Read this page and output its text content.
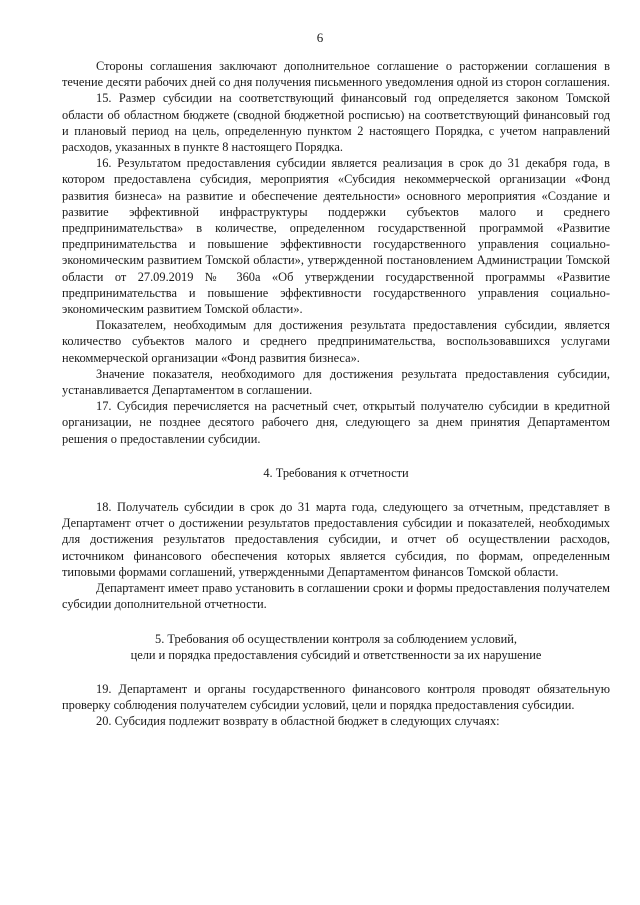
6

Стороны соглашения заключают дополнительное соглашение о расторжении соглашения в течение десяти рабочих дней со дня получения письменного уведомления одной из сторон соглашения.

15. Размер субсидии на соответствующий финансовый год определяется законом Томской области об областном бюджете (сводной бюджетной росписью) на соответствующий финансовый год и плановый период на цель, определенную пунктом 2 настоящего Порядка, с учетом направлений расходов, указанных в пункте 8 настоящего Порядка.

16. Результатом предоставления субсидии является реализация в срок до 31 декабря года, в котором предоставлена субсидия, мероприятия «Субсидия некоммерческой организации «Фонд развития бизнеса» на развитие и обеспечение деятельности» основного мероприятия «Создание и развитие эффективной инфраструктуры поддержки субъектов малого и среднего предпринимательства» в количестве, определенном государственной программой «Развитие предпринимательства и повышение эффективности государственного управления социально-экономическим развитием Томской области», утвержденной постановлением Администрации Томской области от 27.09.2019 № 360а «Об утверждении государственной программы «Развитие предпринимательства и повышение эффективности государственного управления социально-экономическим развитием Томской области».

Показателем, необходимым для достижения результата предоставления субсидии, является количество субъектов малого и среднего предпринимательства, воспользовавшихся услугами некоммерческой организации «Фонд развития бизнеса».

Значение показателя, необходимого для достижения результата предоставления субсидии, устанавливается Департаментом в соглашении.

17. Субсидия перечисляется на расчетный счет, открытый получателю субсидии в кредитной организации, не позднее десятого рабочего дня, следующего за днем принятия Департаментом решения о предоставлении субсидии.

4. Требования к отчетности

18. Получатель субсидии в срок до 31 марта года, следующего за отчетным, представляет в Департамент отчет о достижении результатов предоставления субсидии и показателей, необходимых для достижения результатов предоставления субсидии, и отчет об осуществлении расходов, источником финансового обеспечения которых является субсидия, по формам, определенным типовыми формами соглашений, утвержденными Департаментом финансов Томской области.

Департамент имеет право установить в соглашении сроки и формы предоставления получателем субсидии дополнительной отчетности.

5. Требования об осуществлении контроля за соблюдением условий,

цели и порядка предоставления субсидий и ответственности за их нарушение

19. Департамент и органы государственного финансового контроля проводят обязательную проверку соблюдения получателем субсидии условий, цели и порядка предоставления субсидии.

20. Субсидия подлежит возврату в областной бюджет в следующих случаях:
